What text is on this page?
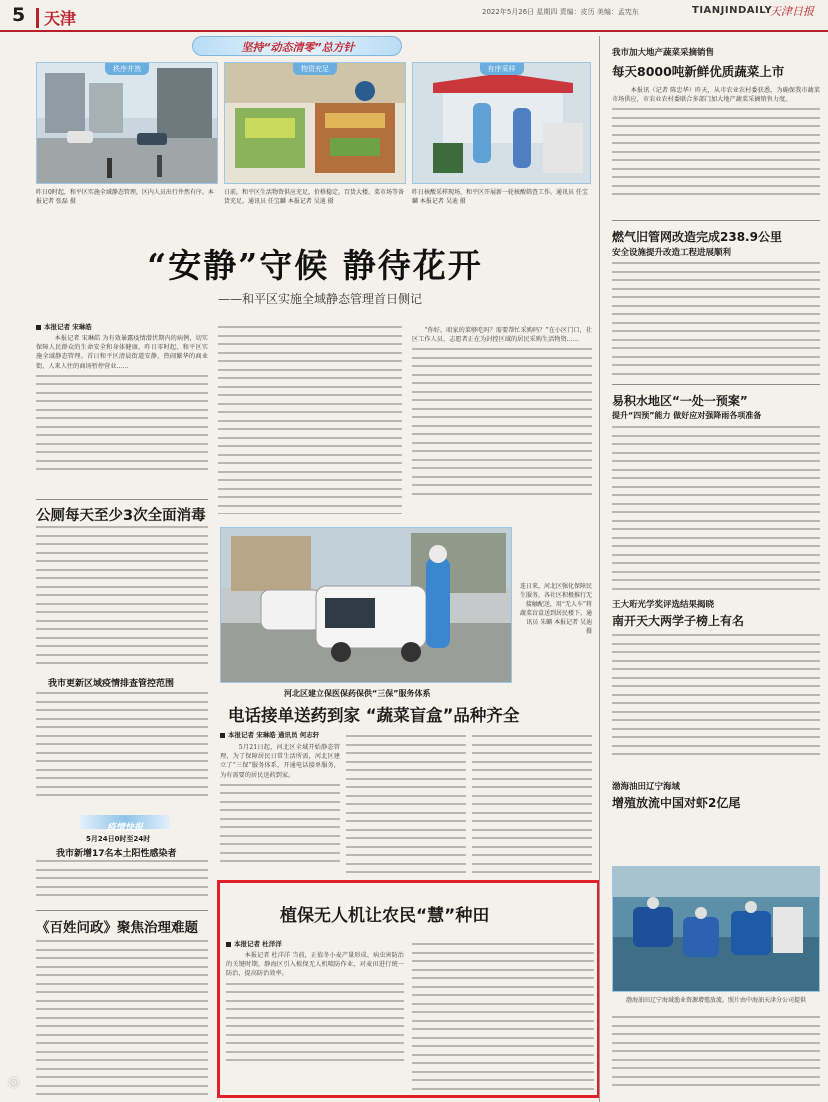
5 天津	2022年5月26日 星期四 责编：皮历 美编：孟宪东	TIANJINDAILY
天津日报
坚持“动态清零”总方针
秩序井然
昨日0时起，和平区实施全域静态管理，区内人员出行井然有序。本报记者 张磊 摄
物资充足
日前，和平区生活物资供应充足，价格稳定。百货大楼、菜市场等备货充足。通讯员 任宝麟 本报记者 吴迪 摄
有序采样
昨日核酸采样现场，和平区开展新一轮核酸筛查工作。通讯员 任宝麟 本报记者 吴迪 摄
“安静”守候 静待花开
——和平区实施全域静态管理首日侧记
本报记者 宋琳皓

　本报记者 宋琳皓 为有效暴露疫情潜伏期内的病例，切实保障人民群众的生命安全和身体健康，昨日零时起，和平区实施全域静态管理。首日和平区清晨街道安静，热闹繁华的商业街，人来人往的商场暂停营业……

“你好，咱家的菜够吃吗？需要帮忙采购吗？”在小区门口，社区工作人员、志愿者正在为封控区域的居民采购生活物资……

公厕每天至少3次全面消毒
我市更新区域疫情排查管控范围
疫情快报
5月24日0时至24时
我市新增17名本土阳性感染者
《百姓问政》聚焦治理难题
连日来，河北区强化保障民生服务，各社区积极推行无接触配送，用“无人车”将蔬菜盲盒送到居民楼下。通讯员 朱麟 本报记者 吴迪 摄
河北区建立保医保药保供“三保”服务体系
电话接单送药到家 “蔬菜盲盒”品种齐全
本报记者 宋琳皓 通讯员 何志轩

　5月21日起，河北区全域开始静态管理，为了保障居民日常生活所需，河北区建立了“三保”服务体系，开通电话接单服务，为有需要的居民送药到家。

植保无人机让农民“慧”种田
本报记者 杜洋洋

　本报记者 杜洋洋 当前，正值冬小麦产量形成、病虫害防治的关键时期，静海区引入植保无人机喷防作业，对麦田进行统一防治，提高防治效率。

我市加大地产蔬菜采摘销售
每天8000吨新鲜优质蔬菜上市

　本报讯（记者 陈忠华）昨天，从市农业农村委获悉，为确保我市蔬菜市场供应，市农业农村委联合多部门加大地产蔬菜采摘销售力度。

燃气旧管网改造完成238.9公里
安全设施提升改造工程进展顺利
易积水地区“一处一预案”
提升“四预”能力 做好应对强降雨各项准备
王大珩光学奖评选结果揭晓
南开天大两学子榜上有名
渤海油田辽宁海域
增殖放流中国对虾2亿尾
渤海油田辽宁海域渔业资源增殖放流。照片由中海油天津分公司提供
◎
